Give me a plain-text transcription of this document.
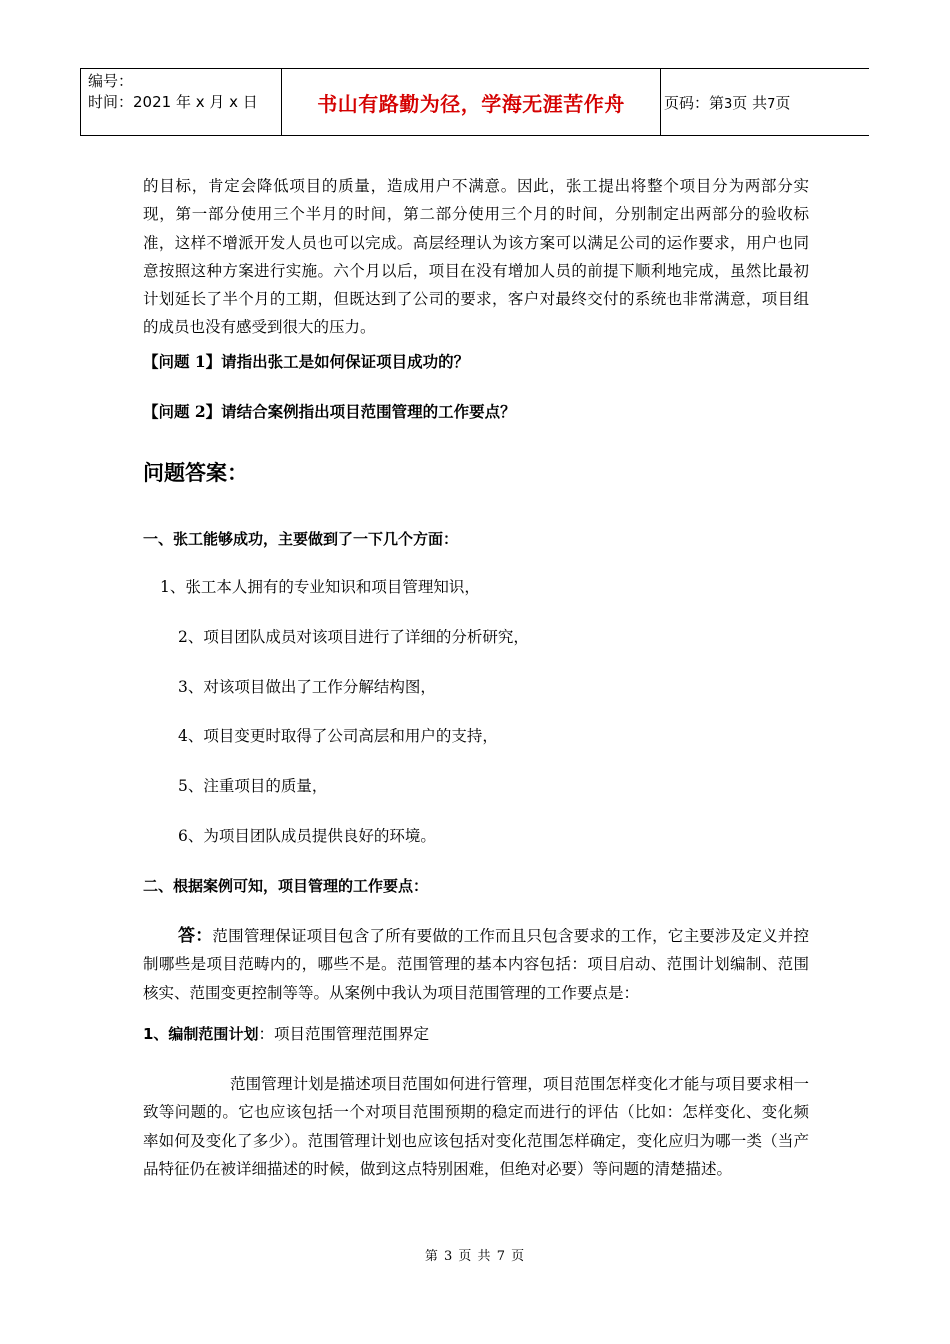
编号：
时间：2021 年 x 月 x 日	书山有路勤为径，学海无涯苦作舟	页码：第3页 共7页
的目标，肯定会降低项目的质量，造成用户不满意。因此，张工提出将整个项目分为两部分实现，第一部分使用三个半月的时间，第二部分使用三个月的时间，分别制定出两部分的验收标准，这样不增派开发人员也可以完成。高层经理认为该方案可以满足公司的运作要求，用户也同意按照这种方案进行实施。六个月以后，项目在没有增加人员的前提下顺利地完成，虽然比最初计划延长了半个月的工期，但既达到了公司的要求，客户对最终交付的系统也非常满意，项目组的成员也没有感受到很大的压力。
【问题 1】请指出张工是如何保证项目成功的？
【问题 2】请结合案例指出项目范围管理的工作要点？
问题答案：
一、张工能够成功，主要做到了一下几个方面：
1、张工本人拥有的专业知识和项目管理知识，
2、项目团队成员对该项目进行了详细的分析研究，
3、对该项目做出了工作分解结构图，
4、项目变更时取得了公司高层和用户的支持，
5、注重项目的质量，
6、为项目团队成员提供良好的环境。
二、根据案例可知，项目管理的工作要点：
答：范围管理保证项目包含了所有要做的工作而且只包含要求的工作，它主要涉及定义并控制哪些是项目范畴内的，哪些不是。范围管理的基本内容包括：项目启动、范围计划编制、范围核实、范围变更控制等等。从案例中我认为项目范围管理的工作要点是：
1、编制范围计划：项目范围管理范围界定
范围管理计划是描述项目范围如何进行管理，项目范围怎样变化才能与项目要求相一致等问题的。它也应该包括一个对项目范围预期的稳定而进行的评估（比如：怎样变化、变化频率如何及变化了多少）。范围管理计划也应该包括对变化范围怎样确定，变化应归为哪一类（当产品特征仍在被详细描述的时候，做到这点特别困难，但绝对必要）等问题的清楚描述。
第 3 页 共 7 页
